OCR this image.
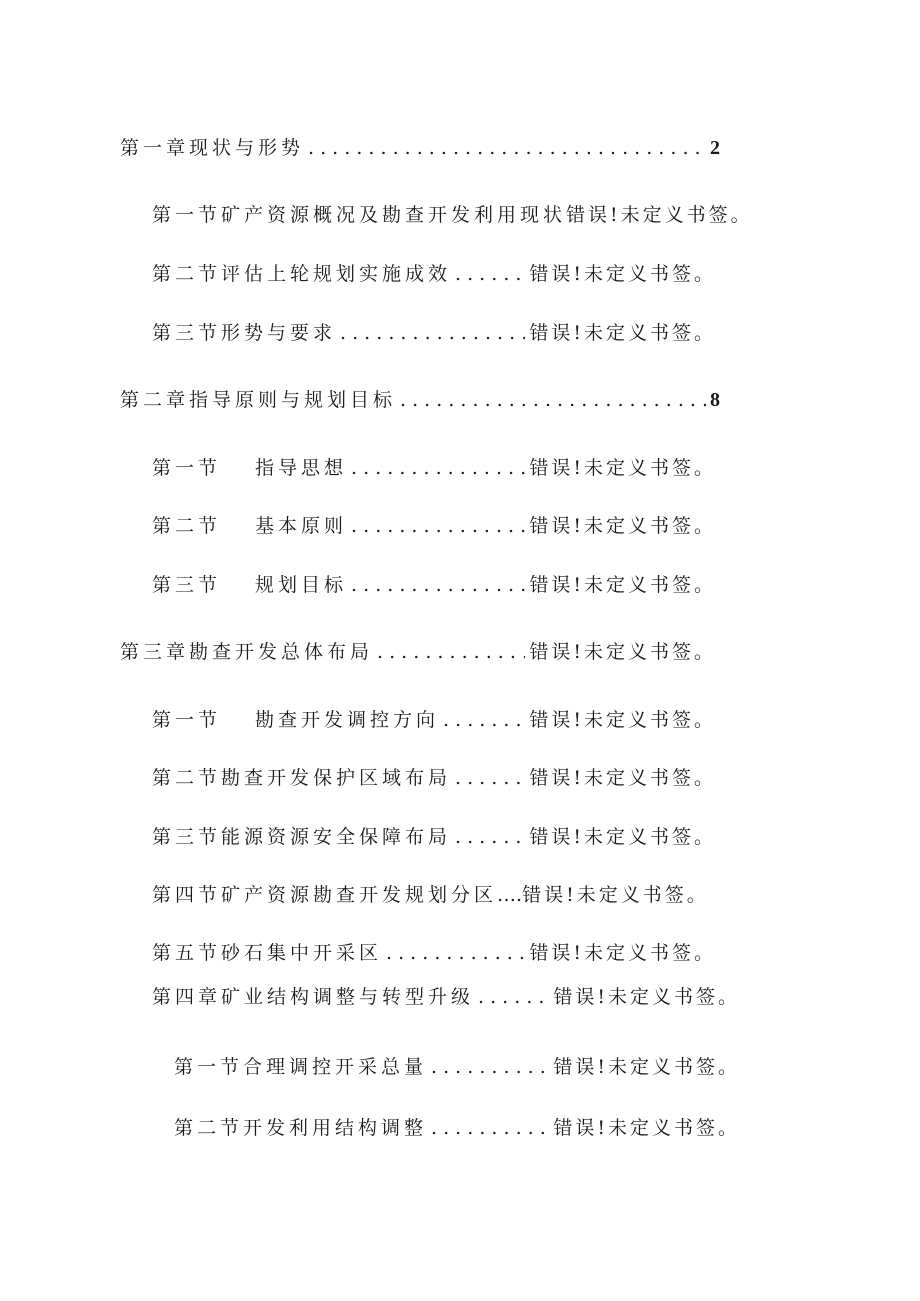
第一章现状与形势 . . .	2
第一节矿产资源概况及勘查开发利用现状 错误!未定义书签。
第二节评估上轮规划实施成效 . . .	错误!未定义书签。
第三节形势与要求 . . .	错误!未定义书签。
第二章指导原则与规划目标 . . .	8
第一节 指导思想 . . .	错误!未定义书签。
第二节 基本原则 . . .	错误!未定义书签。
第三节 规划目标 . . .	错误!未定义书签。
第三章勘查开发总体布局 . . .	错误!未定义书签。
第一节 勘查开发调控方向 . . .	错误!未定义书签。
第二节勘查开发保护区域布局 . . .	错误!未定义书签。
第三节能源资源安全保障布局 . . .	错误!未定义书签。
第四节矿产资源勘查开发规划分区 …. 错误!未定义书签。
第五节砂石集中开采区 . . .	错误!未定义书签。
第四章矿业结构调整与转型升级 . . .	错误!未定义书签。
第一节合理调控开采总量 . . .	错误!未定义书签。
第二节开发利用结构调整 . . .	错误!未定义书签。
